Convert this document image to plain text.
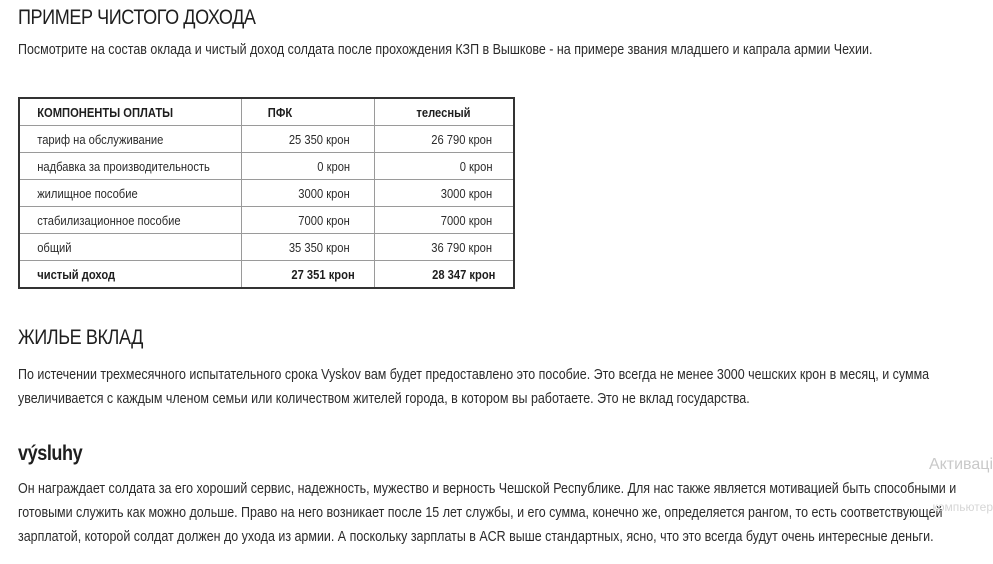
ПРИМЕР ЧИСТОГО ДОХОДА

Посмотрите на состав оклада и чистый доход солдата после прохождения КЗП в Вышкове - на примере звания младшего и капрала армии Чехии.

КОМПОНЕНТЫ ОПЛАТЫ	ПФК	телесный
тариф на обслуживание	25 350 крон	26 790 крон
надбавка за производительность	0 крон	0 крон
жилищное пособие	3000 крон	3000 крон
стабилизационное пособие	7000 крон	7000 крон
общий	35 350 крон	36 790 крон
чистый доход	27 351 крон	28 347 крон
ЖИЛЬЕ ВКЛАД
По истечении трехмесячного испытательного срока Vyskov вам будет предоставлено это пособие. Это всегда не менее 3000 чешских крон в месяц, и сумма
увеличивается с каждым членом семьи или количеством жителей города, в котором вы работаете. Это не вклад государства.
výsluhy
Он награждает солдата за его хороший сервис, надежность, мужество и верность Чешской Республике. Для нас также является мотивацией быть способными и
готовыми служить как можно дольше. Право на него возникает после 15 лет службы, и его сумма, конечно же, определяется рангом, то есть соответствующей
зарплатой, которой солдат должен до ухода из армии. А поскольку зарплаты в ACR выше стандартных, ясно, что это всегда будут очень интересные деньги.
Активаці
компьютер
